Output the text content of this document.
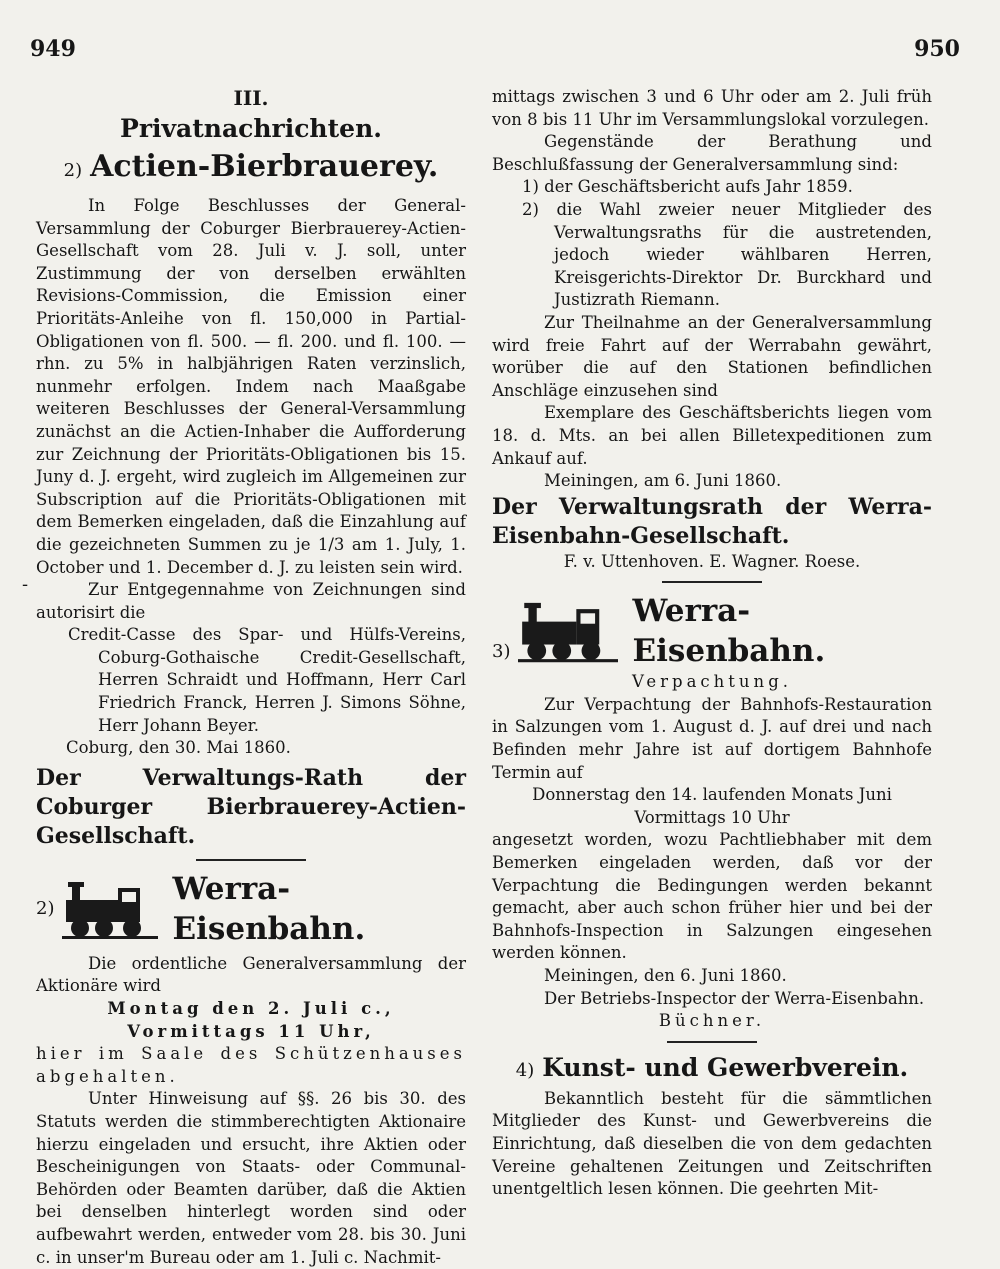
949	950
-

III.

Privatnachrichten.

2) Actien-Bierbrauerey.

In Folge Beschlusses der General-Versammlung der Coburger Bierbrauerey-Actien-Gesellschaft vom 28. Juli v. J. soll, unter Zustimmung der von derselben erwählten Revisions-Commission, die Emission einer Prioritäts-Anleihe von fl. 150,000 in Partial-Obligationen von fl. 500. — fl. 200. und fl. 100. — rhn. zu 5% in halbjährigen Raten verzinslich, nunmehr erfolgen. Indem nach Maaßgabe weiteren Beschlusses der General-Versammlung zunächst an die Actien-Inhaber die Aufforderung zur Zeichnung der Prioritäts-Obligationen bis 15. Juny d. J. ergeht, wird zugleich im Allgemeinen zur Subscription auf die Prioritäts-Obligationen mit dem Bemerken eingeladen, daß die Einzahlung auf die gezeichneten Summen zu je 1/3 am 1. July, 1. October und 1. December d. J. zu leisten sein wird.

Zur Entgegennahme von Zeichnungen sind autorisirt die

Credit-Casse des Spar- und Hülfs-Vereins, Coburg-Gothaische Credit-Gesellschaft, Herren Schraidt und Hoffmann, Herr Carl Friedrich Franck, Herren J. Simons Söhne, Herr Johann Beyer.

Coburg, den 30. Mai 1860.

Der Verwaltungs-Rath der Coburger Bierbrauerey-Actien-Gesellschaft.

2)
Werra-Eisenbahn.

Die ordentliche Generalversammlung der Aktionäre wird

Montag den 2. Juli c., Vormittags 11 Uhr,

hier im Saale des Schützenhauses abgehalten.

Unter Hinweisung auf §§. 26 bis 30. des Statuts werden die stimmberechtigten Aktionaire hierzu eingeladen und ersucht, ihre Aktien oder Bescheinigungen von Staats- oder Communal-Behörden oder Beamten darüber, daß die Aktien bei denselben hinterlegt worden sind oder aufbewahrt werden, entweder vom 28. bis 30. Juni c. in unser'm Bureau oder am 1. Juli c. Nachmit-

mittags zwischen 3 und 6 Uhr oder am 2. Juli früh von 8 bis 11 Uhr im Versammlungslokal vorzulegen.

Gegenstände der Berathung und Beschlußfassung der Generalversammlung sind:

1) der Geschäftsbericht aufs Jahr 1859.

2) die Wahl zweier neuer Mitglieder des Verwaltungsraths für die austretenden, jedoch wieder wählbaren Herren, Kreisgerichts-Direktor Dr. Burckhard und Justizrath Riemann.

Zur Theilnahme an der Generalversammlung wird freie Fahrt auf der Werrabahn gewährt, worüber die auf den Stationen befindlichen Anschläge einzusehen sind

Exemplare des Geschäftsberichts liegen vom 18. d. Mts. an bei allen Billetexpeditionen zum Ankauf auf.

Meiningen, am 6. Juni 1860.

Der Verwaltungsrath der Werra-Eisenbahn-Gesellschaft.

F. v. Uttenhoven. E. Wagner. Roese.

3)
Werra-Eisenbahn.

Verpachtung.

Zur Verpachtung der Bahnhofs-Restauration in Salzungen vom 1. August d. J. auf drei und nach Befinden mehr Jahre ist auf dortigem Bahnhofe Termin auf

Donnerstag den 14. laufenden Monats Juni

Vormittags 10 Uhr

angesetzt worden, wozu Pachtliebhaber mit dem Bemerken eingeladen werden, daß vor der Verpachtung die Bedingungen werden bekannt gemacht, aber auch schon früher hier und bei der Bahnhofs-Inspection in Salzungen eingesehen werden können.

Meiningen, den 6. Juni 1860.

Der Betriebs-Inspector der Werra-Eisenbahn.

Büchner.

4) Kunst- und Gewerbverein.

Bekanntlich besteht für die sämmtlichen Mitglieder des Kunst- und Gewerbvereins die Einrichtung, daß dieselben die von dem gedachten Vereine gehaltenen Zeitungen und Zeitschriften unentgeltlich lesen können. Die geehrten Mit-
